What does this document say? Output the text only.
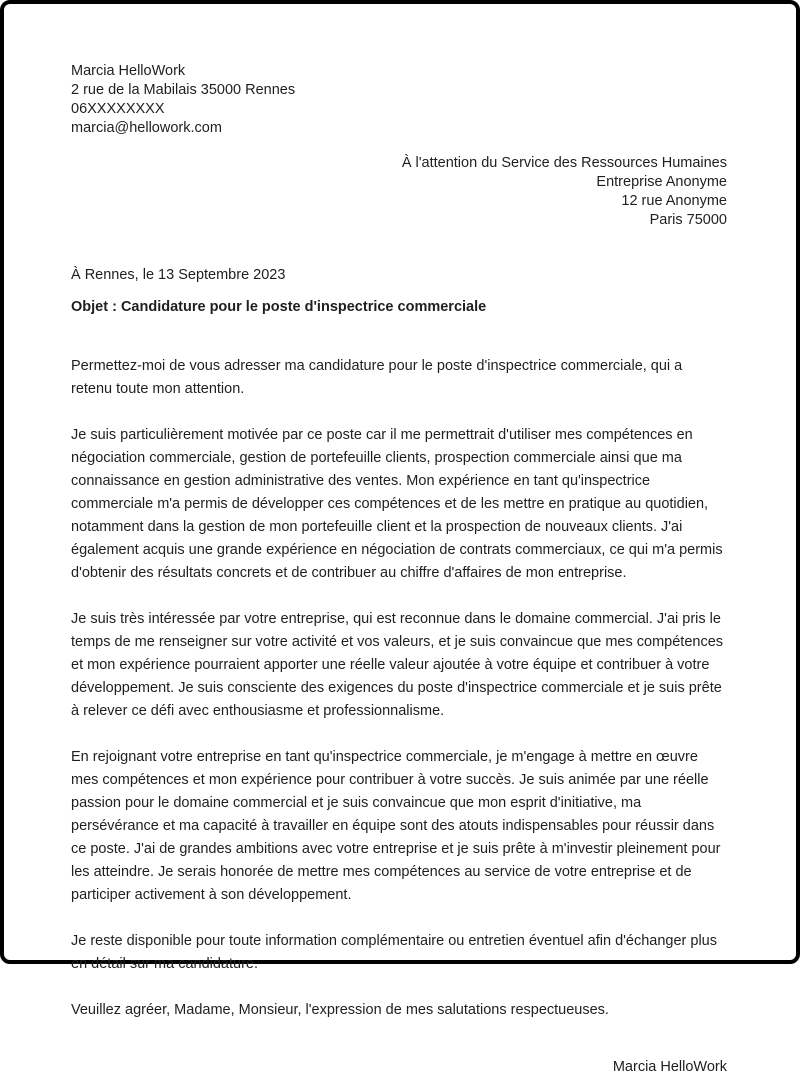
Marcia HelloWork
2 rue de la Mabilais 35000 Rennes
06XXXXXXXX
marcia@hellowork.com
À l'attention du Service des Ressources Humaines
Entreprise Anonyme
12 rue Anonyme
Paris 75000
À Rennes, le 13 Septembre 2023
Objet : Candidature pour le poste d'inspectrice commerciale

Permettez-moi de vous adresser ma candidature pour le poste d'inspectrice commerciale, qui a retenu toute mon attention.

Je suis particulièrement motivée par ce poste car il me permettrait d'utiliser mes compétences en négociation commerciale, gestion de portefeuille clients, prospection commerciale ainsi que ma connaissance en gestion administrative des ventes. Mon expérience en tant qu'inspectrice commerciale m'a permis de développer ces compétences et de les mettre en pratique au quotidien, notamment dans la gestion de mon portefeuille client et la prospection de nouveaux clients. J'ai également acquis une grande expérience en négociation de contrats commerciaux, ce qui m'a permis d'obtenir des résultats concrets et de contribuer au chiffre d'affaires de mon entreprise.

Je suis très intéressée par votre entreprise, qui est reconnue dans le domaine commercial. J'ai pris le temps de me renseigner sur votre activité et vos valeurs, et je suis convaincue que mes compétences et mon expérience pourraient apporter une réelle valeur ajoutée à votre équipe et contribuer à votre développement. Je suis consciente des exigences du poste d'inspectrice commerciale et je suis prête à relever ce défi avec enthousiasme et professionnalisme.

En rejoignant votre entreprise en tant qu'inspectrice commerciale, je m'engage à mettre en œuvre mes compétences et mon expérience pour contribuer à votre succès. Je suis animée par une réelle passion pour le domaine commercial et je suis convaincue que mon esprit d'initiative, ma persévérance et ma capacité à travailler en équipe sont des atouts indispensables pour réussir dans ce poste. J'ai de grandes ambitions avec votre entreprise et je suis prête à m'investir pleinement pour les atteindre. Je serais honorée de mettre mes compétences au service de votre entreprise et de participer activement à son développement.

Je reste disponible pour toute information complémentaire ou entretien éventuel afin d'échanger plus en détail sur ma candidature.

Veuillez agréer, Madame, Monsieur, l'expression de mes salutations respectueuses.

Marcia HelloWork
